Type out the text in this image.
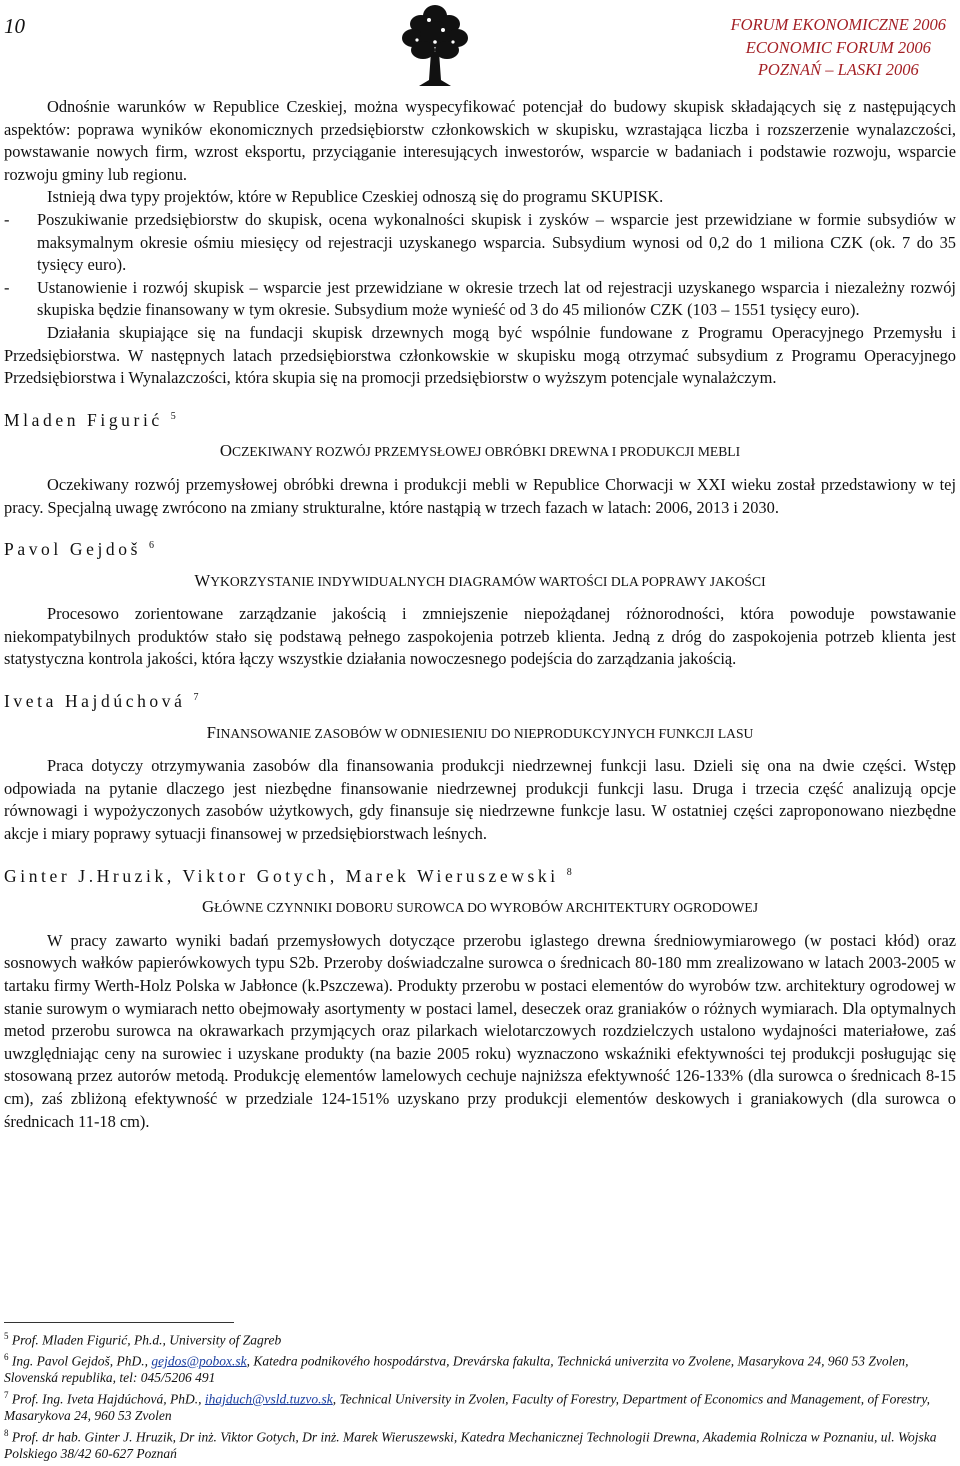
10	FORUM EKONOMICZNE 2006
ECONOMIC FORUM 2006
POZNAŃ – LASKI 2006

Odnośnie warunków w Republice Czeskiej, można wyspecyfikować potencjał do budowy skupisk składających się z następujących aspektów: poprawa wyników ekonomicznych przedsiębiorstw członkowskich w skupisku, wzrastająca liczba i rozszerzenie wynalazczości, powstawanie nowych firm, wzrost eksportu, przyciąganie interesujących inwestorów, wsparcie w badaniach i podstawie rozwoju, wsparcie rozwoju gminy lub regionu.

Istnieją dwa typy projektów, które w Republice Czeskiej odnoszą się do programu SKUPISK.

- Poszukiwanie przedsiębiorstw do skupisk, ocena wykonalności skupisk i zysków – wsparcie jest przewidziane w formie subsydiów w maksymalnym okresie ośmiu miesięcy od rejestracji uzyskanego wsparcia. Subsydium wynosi od 0,2 do 1 miliona CZK (ok. 7 do 35 tysięcy euro).
- Ustanowienie i rozwój skupisk – wsparcie jest przewidziane w okresie trzech lat od rejestracji uzyskanego wsparcia i niezależny rozwój skupiska będzie finansowany w tym okresie. Subsydium może wynieść od 3 do 45 milionów CZK (103 – 1551 tysięcy euro).

Działania skupiające się na fundacji skupisk drzewnych mogą być wspólnie fundowane z Programu Operacyjnego Przemysłu i Przedsiębiorstwa. W następnych latach przedsiębiorstwa członkowskie w skupisku mogą otrzymać subsydium z Programu Operacyjnego Przedsiębiorstwa i Wynalazczości, która skupia się na promocji przedsiębiorstw o wyższym potencjale wynalażczym.

Mladen Figurić $^5$
OCZEKIWANY ROZWÓJ PRZEMYSŁOWEJ OBRÓBKI DREWNA I PRODUKCJI MEBLI

Oczekiwany rozwój przemysłowej obróbki drewna i produkcji mebli w Republice Chorwacji w XXI wieku został przedstawiony w tej pracy. Specjalną uwagę zwrócono na zmiany strukturalne, które nastąpią w trzech fazach w latach: 2006, 2013 i 2030.

Pavol Gejdoš $^6$
WYKORZYSTANIE INDYWIDUALNYCH DIAGRAMÓW WARTOŚCI DLA POPRAWY JAKOŚCI

Procesowo zorientowane zarządzanie jakością i zmniejszenie niepożądanej różnorodności, która powoduje powstawanie niekompatybilnych produktów stało się podstawą pełnego zaspokojenia potrzeb klienta. Jedną z dróg do zaspokojenia potrzeb klienta jest statystyczna kontrola jakości, która łączy wszystkie działania nowoczesnego podejścia do zarządzania jakością.

Iveta Hajdúchová $^7$
FINANSOWANIE ZASOBÓW W ODNIESIENIU DO NIEPRODUKCYJNYCH FUNKCJI LASU

Praca dotyczy otrzymywania zasobów dla finansowania produkcji niedrzewnej funkcji lasu. Dzieli się ona na dwie części. Wstęp odpowiada na pytanie dlaczego jest niezbędne finansowanie niedrzewnej produkcji funkcji lasu. Druga i trzecia część analizują opcje równowagi i wypożyczonych zasobów użytkowych, gdy finansuje się niedrzewne funkcje lasu. W ostatniej części zaproponowano niezbędne akcje i miary poprawy sytuacji finansowej w przedsiębiorstwach leśnych.

Ginter J.Hruzik, Viktor Gotych, Marek Wieruszewski $^8$
GŁÓWNE CZYNNIKI DOBORU SUROWCA DO WYROBÓW ARCHITEKTURY OGRODOWEJ

W pracy zawarto wyniki badań przemysłowych dotyczące przerobu iglastego drewna średniowymiarowego (w postaci kłód) oraz sosnowych wałków papierówkowych typu S2b. Przeroby doświadczalne surowca o średnicach 80-180 mm zrealizowano w latach 2003-2005 w tartaku firmy Werth-Holz Polska w Jabłonce (k.Pszczewa). Produkty przerobu w postaci elementów do wyrobów tzw. architektury ogrodowej w stanie surowym o wymiarach netto obejmowały asortymenty w postaci lamel, deseczek oraz graniaków o różnych wymiarach. Dla optymalnych metod przerobu surowca na okrawarkach przymjących oraz pilarkach wielotarczowych rozdzielczych ustalono wydajności materiałowe, zaś uwzględniając ceny na surowiec i uzyskane produkty (na bazie 2005 roku) wyznaczono wskaźniki efektywności tej produkcji posługując się stosowaną przez autorów metodą. Produkcję elementów lamelowych cechuje najniższa efektywność 126-133% (dla surowca o średnicach 8-15 cm), zaś zbliżoną efektywność w przedziale 124-151% uzyskano przy produkcji elementów deskowych i graniakowych (dla surowca o średnicach 11-18 cm).

$^5$ Prof. Mladen Figurić, Ph.d., University of Zagreb
$^6$ Ing. Pavol Gejdoš, PhD., gejdos@pobox.sk, Katedra podnikového hospodárstva, Drevárska fakulta, Technická univerzita vo Zvolene, Masarykova 24, 960 53 Zvolen, Slovenská republika, tel: 045/5206 491
$^7$ Prof. Ing. Iveta Hajdúchová, PhD., ihajduch@vsld.tuzvo.sk, Technical University in Zvolen, Faculty of Forestry, Department of Economics and Management, of Forestry, Masarykova 24, 960 53 Zvolen
$^8$ Prof. dr hab. Ginter J. Hruzik, Dr inż. Viktor Gotych, Dr inż. Marek Wieruszewski, Katedra Mechanicznej Technologii Drewna, Akademia Rolnicza w Poznaniu, ul. Wojska Polskiego 38/42 60-627 Poznań
